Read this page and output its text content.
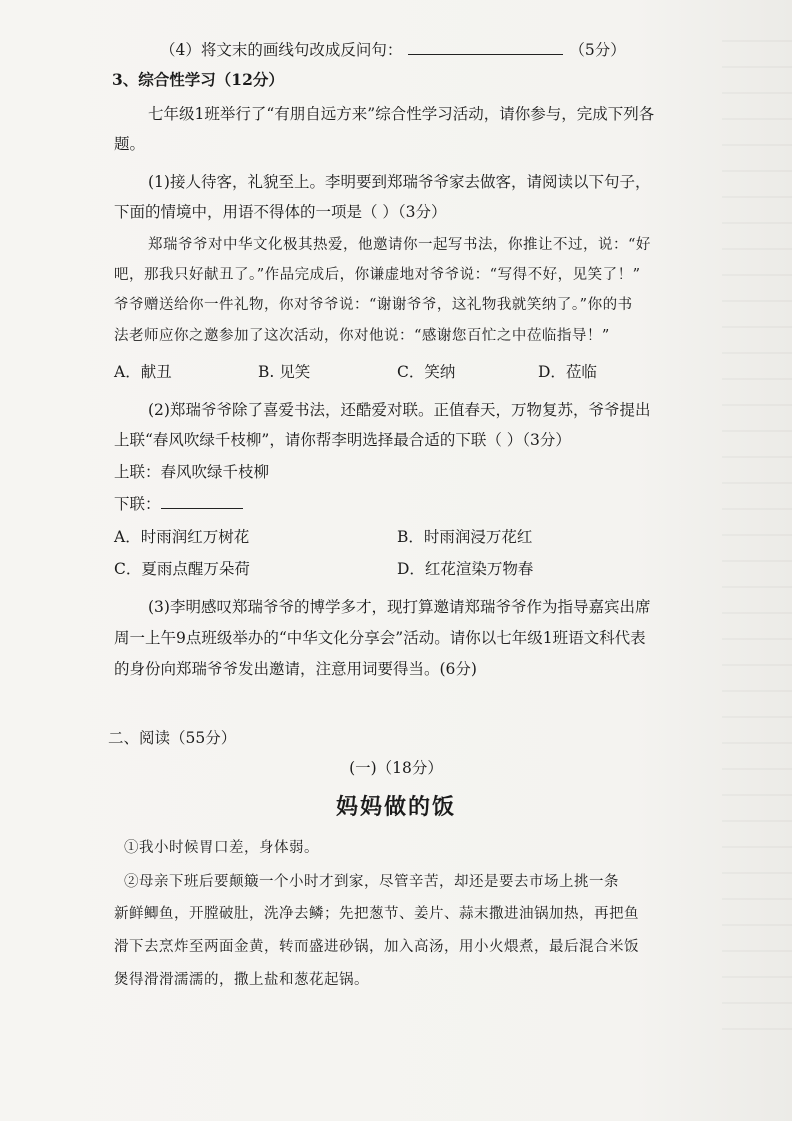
（4）将文末的画线句改成反问句：	（5分）
3、综合性学习（12分）
七年级1班举行了“有朋自远方来”综合性学习活动，请你参与，完成下列各
题。
(1)接人待客，礼貌至上。李明要到郑瑞爷爷家去做客，请阅读以下句子，
下面的情境中，用语不得体的一项是（ ）（3分）
郑瑞爷爷对中华文化极其热爱，他邀请你一起写书法，你推让不过，说：“好
吧，那我只好献丑了。”作品完成后，你谦虚地对爷爷说：“写得不好，见笑了！”
爷爷赠送给你一件礼物，你对爷爷说：“谢谢爷爷，这礼物我就笑纳了。”你的书
法老师应你之邀参加了这次活动，你对他说：“感谢您百忙之中莅临指导！”
A．献丑	B. 见笑	C．笑纳	D．莅临
(2)郑瑞爷爷除了喜爱书法，还酷爱对联。正值春天，万物复苏，爷爷提出
上联“春风吹绿千枝柳”，请你帮李明选择最合适的下联（ ）（3分）
上联：春风吹绿千枝柳
下联：
A．时雨润红万树花	B．时雨润浸万花红
C．夏雨点醒万朵荷	D．红花渲染万物春
(3)李明感叹郑瑞爷爷的博学多才，现打算邀请郑瑞爷爷作为指导嘉宾出席
周一上午9点班级举办的“中华文化分享会”活动。请你以七年级1班语文科代表
的身份向郑瑞爷爷发出邀请，注意用词要得当。(6分)
二、阅读（55分）
(一)（18分）
妈妈做的饭
①我小时候胃口差，身体弱。
②母亲下班后要颠簸一个小时才到家，尽管辛苦，却还是要去市场上挑一条
新鲜鲫鱼，开膛破肚，洗净去鳞；先把葱节、姜片、蒜末撒进油锅加热，再把鱼
滑下去烹炸至两面金黄，转而盛进砂锅，加入高汤，用小火煨煮，最后混合米饭
煲得滑滑濡濡的，撒上盐和葱花起锅。
